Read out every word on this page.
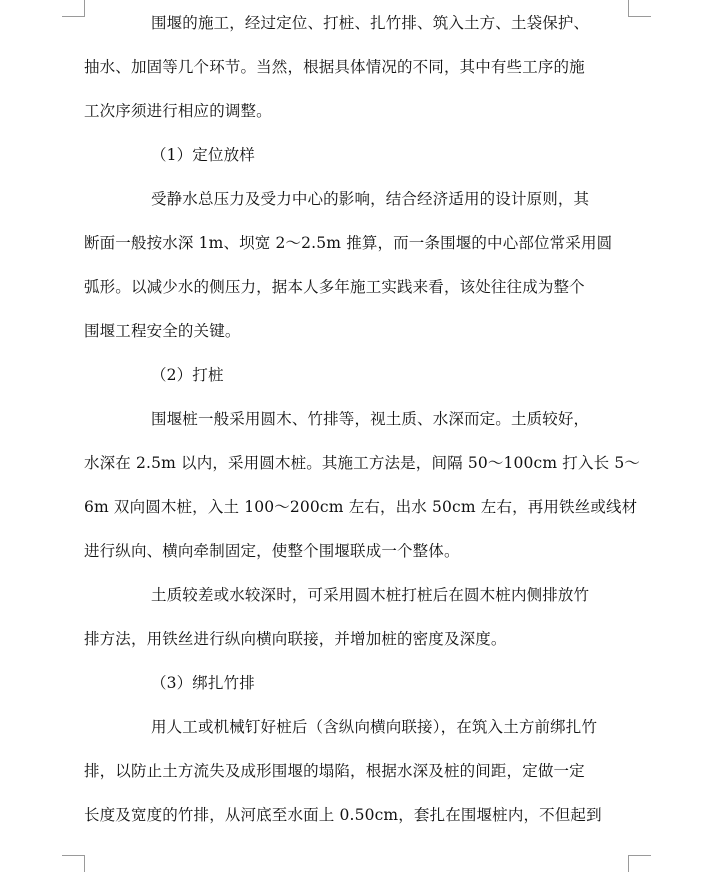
围堰的施工，经过定位、打桩、扎竹排、筑入土方、土袋保护、
抽水、加固等几个环节。当然，根据具体情况的不同，其中有些工序的施
工次序须进行相应的调整。
（1）定位放样
受静水总压力及受力中心的影响，结合经济适用的设计原则，其
断面一般按水深 1m、坝宽 2～2.5m 推算，而一条围堰的中心部位常采用圆
弧形。以减少水的侧压力，据本人多年施工实践来看，该处往往成为整个
围堰工程安全的关键。
（2）打桩
围堰桩一般采用圆木、竹排等，视土质、水深而定。土质较好，
水深在 2.5m 以内，采用圆木桩。其施工方法是，间隔 50～100cm 打入长 5～
6m 双向圆木桩，入土 100～200cm 左右，出水 50cm 左右，再用铁丝或线材
进行纵向、横向牵制固定，使整个围堰联成一个整体。
土质较差或水较深时，可采用圆木桩打桩后在圆木桩内侧排放竹
排方法，用铁丝进行纵向横向联接，并增加桩的密度及深度。
（3）绑扎竹排
用人工或机械钉好桩后（含纵向横向联接），在筑入土方前绑扎竹
排，以防止土方流失及成形围堰的塌陷，根据水深及桩的间距，定做一定
长度及宽度的竹排，从河底至水面上 0.50cm，套扎在围堰桩内，不但起到
